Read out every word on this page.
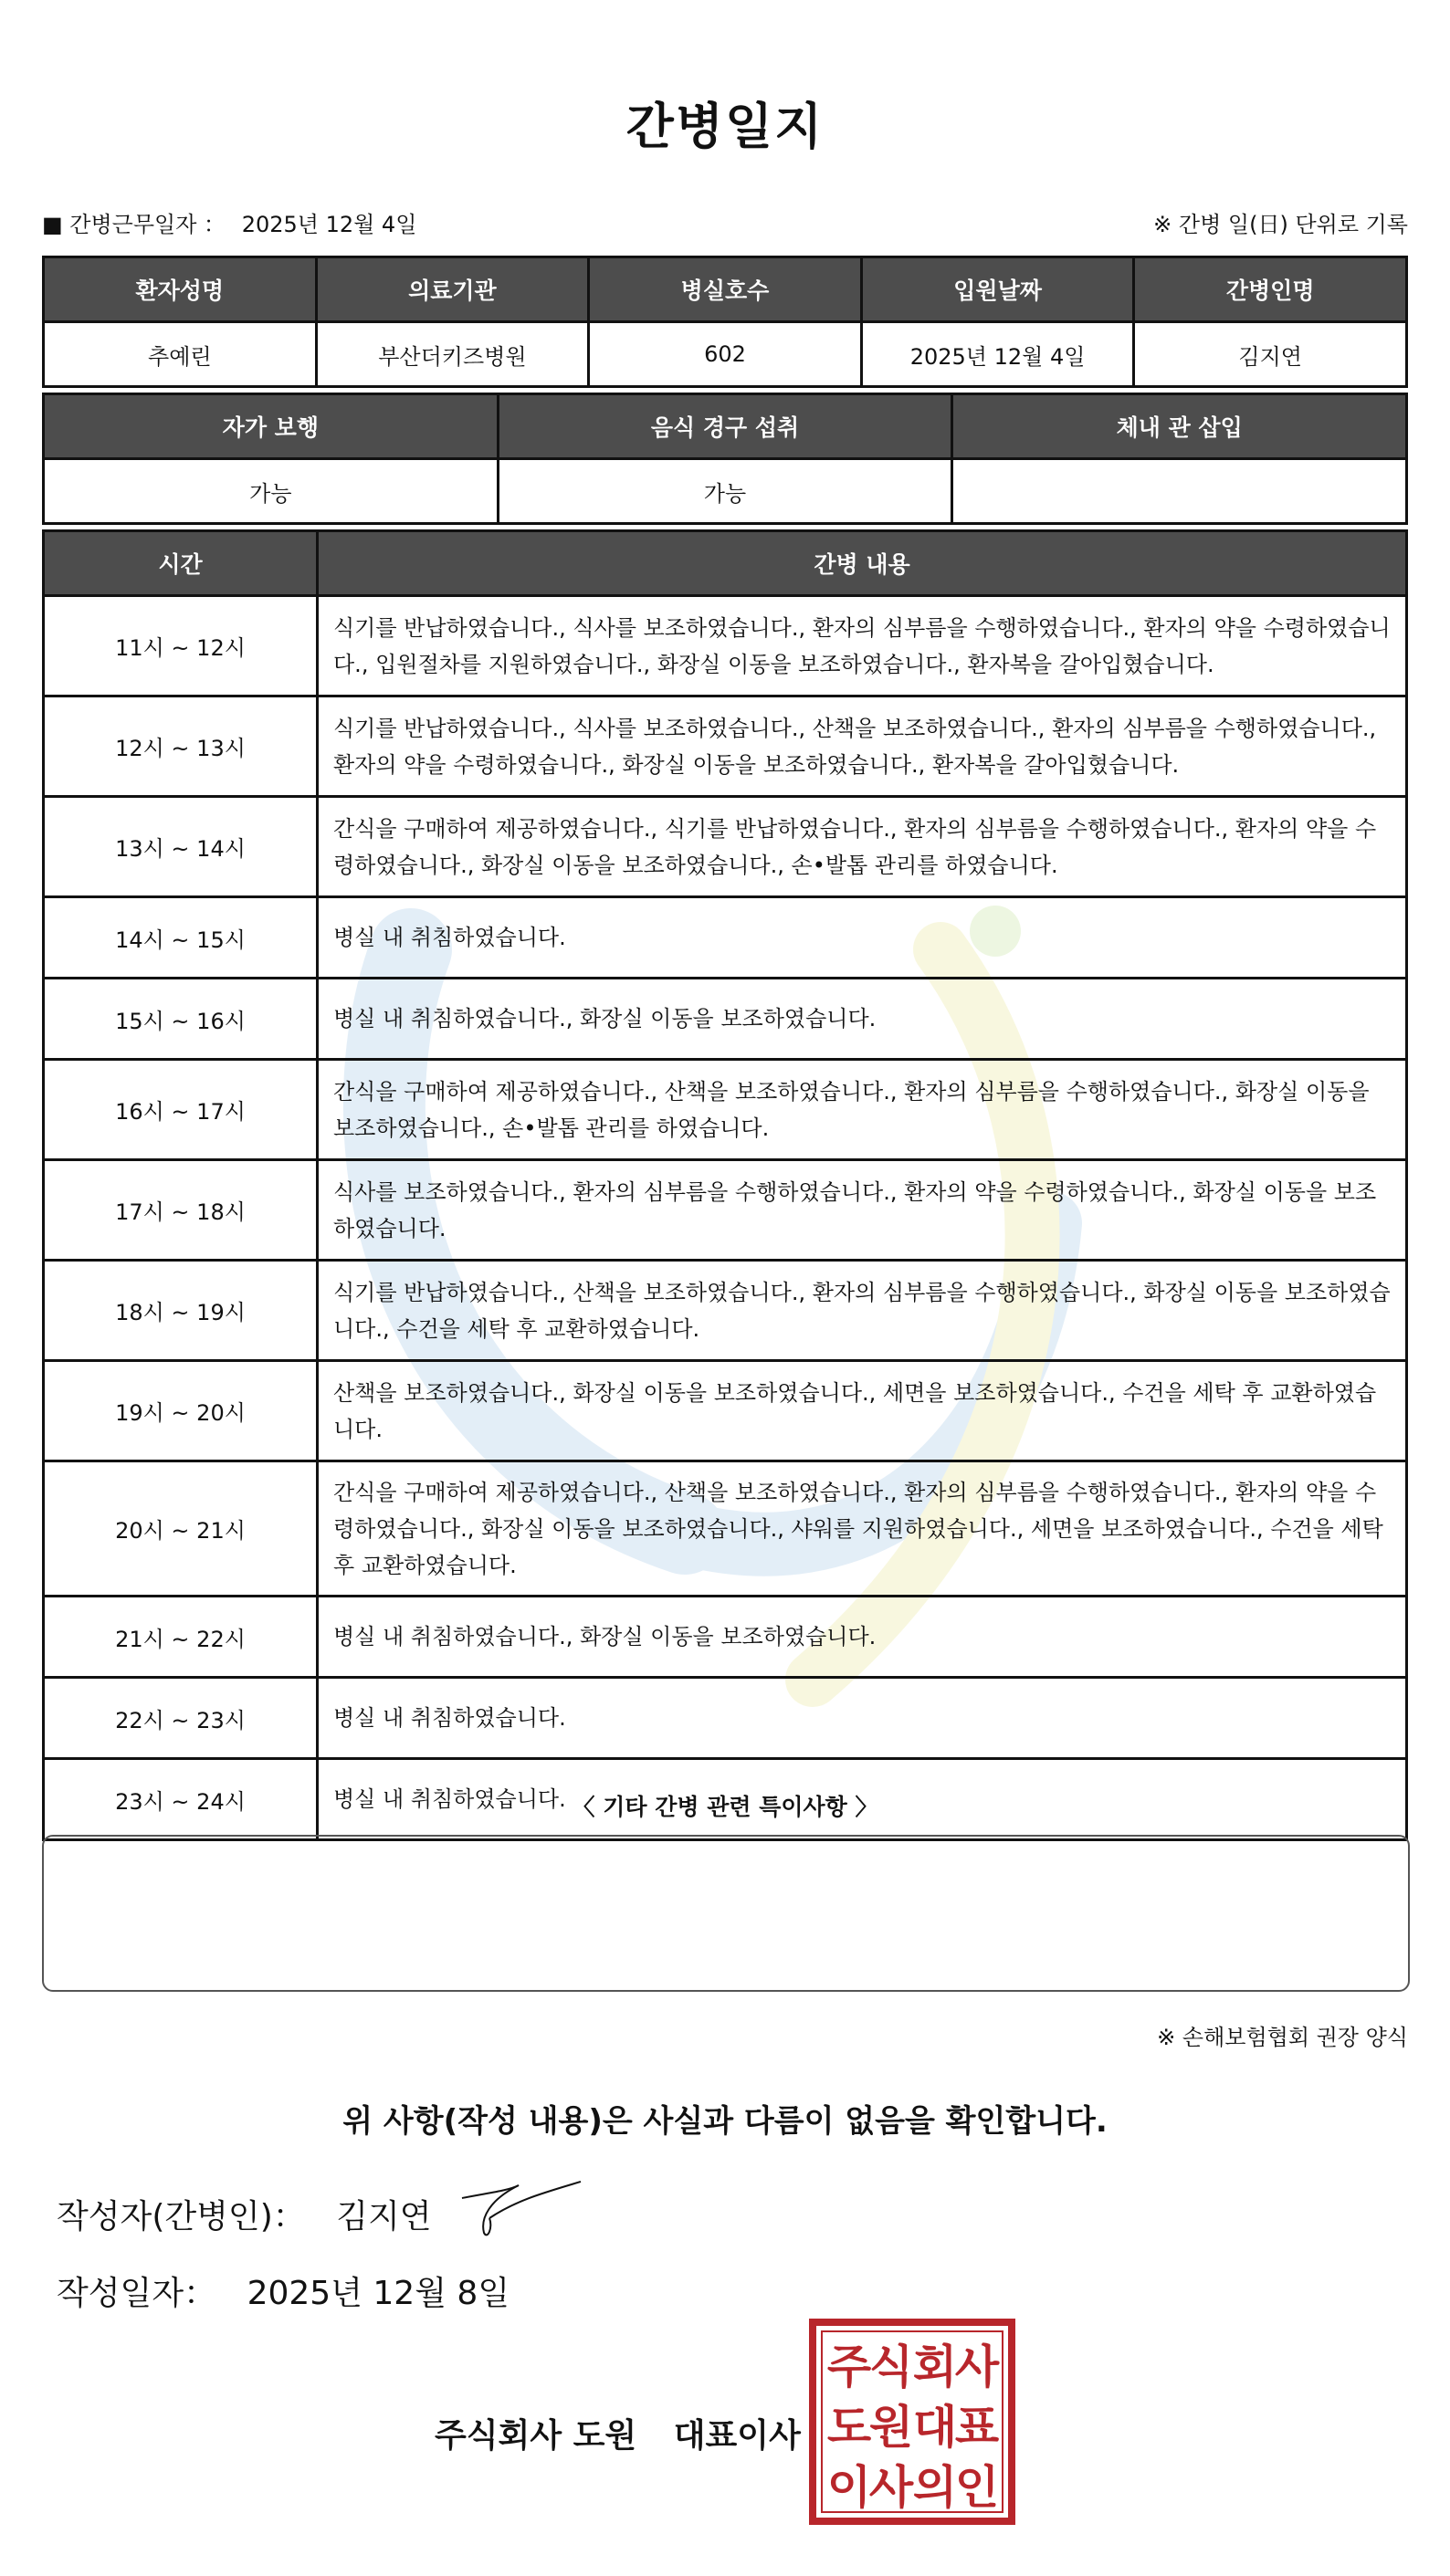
간병일지
■ 간병근무일자 ： 2025년 12월 4일	※ 간병 일(日) 단위로 기록
환자성명	의료기관	병실호수	입원날짜	간병인명
추예린	부산더키즈병원	602	2025년 12월 4일	김지연
자가 보행	음식 경구 섭취	체내 관 삽입
가능	가능	
시간	간병 내용
11시 ~ 12시	식기를 반납하였습니다., 식사를 보조하였습니다., 환자의 심부름을 수행하였습니다., 환자의 약을 수령하였습니다., 입원절차를 지원하였습니다., 화장실 이동을 보조하였습니다., 환자복을 갈아입혔습니다.
12시 ~ 13시	식기를 반납하였습니다., 식사를 보조하였습니다., 산책을 보조하였습니다., 환자의 심부름을 수행하였습니다., 환자의 약을 수령하였습니다., 화장실 이동을 보조하였습니다., 환자복을 갈아입혔습니다.
13시 ~ 14시	간식을 구매하여 제공하였습니다., 식기를 반납하였습니다., 환자의 심부름을 수행하였습니다., 환자의 약을 수령하였습니다., 화장실 이동을 보조하였습니다., 손•발톱 관리를 하였습니다.
14시 ~ 15시	병실 내 취침하였습니다.
15시 ~ 16시	병실 내 취침하였습니다., 화장실 이동을 보조하였습니다.
16시 ~ 17시	간식을 구매하여 제공하였습니다., 산책을 보조하였습니다., 환자의 심부름을 수행하였습니다., 화장실 이동을 보조하였습니다., 손•발톱 관리를 하였습니다.
17시 ~ 18시	식사를 보조하였습니다., 환자의 심부름을 수행하였습니다., 환자의 약을 수령하였습니다., 화장실 이동을 보조하였습니다.
18시 ~ 19시	식기를 반납하였습니다., 산책을 보조하였습니다., 환자의 심부름을 수행하였습니다., 화장실 이동을 보조하였습니다., 수건을 세탁 후 교환하였습니다.
19시 ~ 20시	산책을 보조하였습니다., 화장실 이동을 보조하였습니다., 세면을 보조하였습니다., 수건을 세탁 후 교환하였습니다.
20시 ~ 21시	간식을 구매하여 제공하였습니다., 산책을 보조하였습니다., 환자의 심부름을 수행하였습니다., 환자의 약을 수령하였습니다., 화장실 이동을 보조하였습니다., 샤워를 지원하였습니다., 세면을 보조하였습니다., 수건을 세탁 후 교환하였습니다.
21시 ~ 22시	병실 내 취침하였습니다., 화장실 이동을 보조하였습니다.
22시 ~ 23시	병실 내 취침하였습니다.
23시 ~ 24시	병실 내 취침하였습니다. 〈 기타 간병 관련 특이사항 〉
※ 손해보험협회 권장 양식
위 사항(작성 내용)은 사실과 다름이 없음을 확인합니다.
작성자(간병인)： 김지연
작성일자： 2025년 12월 8일
주식회사 도원 대표이사
주
식 회
사
도
원 대
표
이
사 의
인
